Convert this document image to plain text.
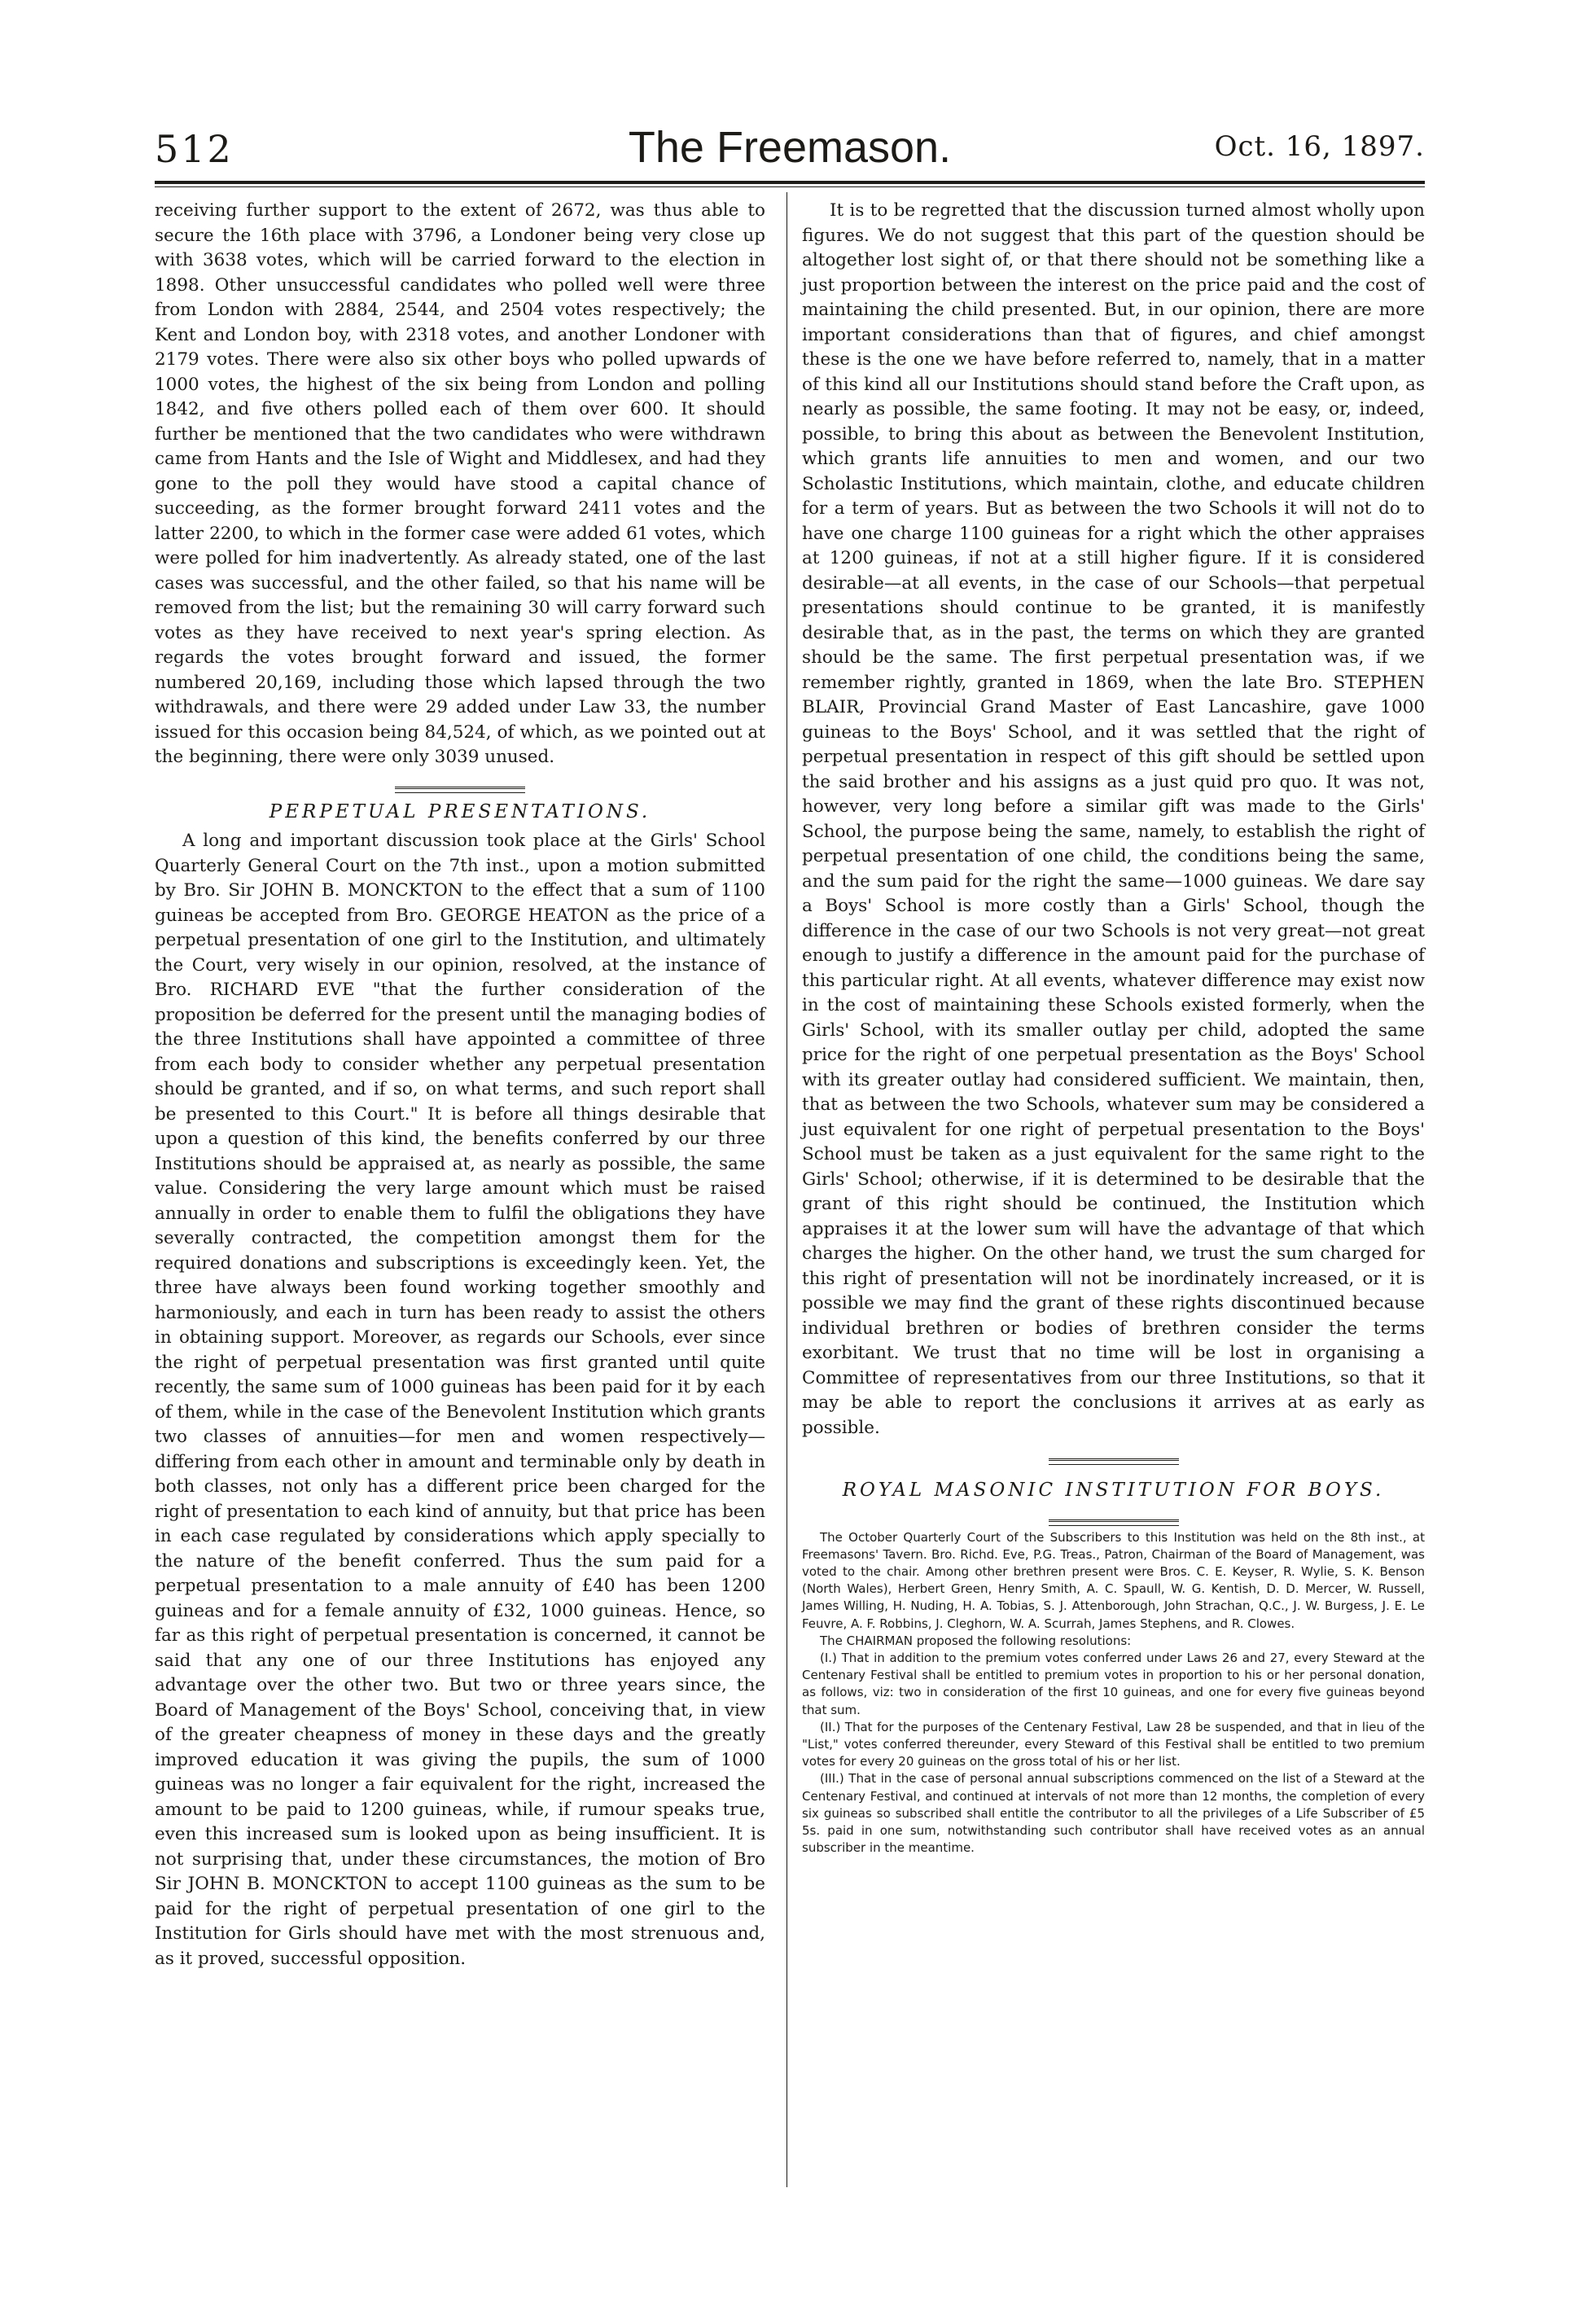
512	The Freemason.	Oct. 16, 1897.

receiving further support to the extent of 2672, was thus able to secure the 16th place with 3796, a Londoner being very close up with 3638 votes, which will be carried forward to the election in 1898. Other unsuccessful candidates who polled well were three from London with 2884, 2544, and 2504 votes respectively; the Kent and London boy, with 2318 votes, and another Londoner with 2179 votes. There were also six other boys who polled upwards of 1000 votes, the highest of the six being from London and polling 1842, and five others polled each of them over 600. It should further be mentioned that the two candidates who were withdrawn came from Hants and the Isle of Wight and Middlesex, and had they gone to the poll they would have stood a capital chance of succeeding, as the former brought forward 2411 votes and the latter 2200, to which in the former case were added 61 votes, which were polled for him inadvertently. As already stated, one of the last cases was successful, and the other failed, so that his name will be removed from the list; but the remaining 30 will carry forward such votes as they have received to next year's spring election. As regards the votes brought forward and issued, the former numbered 20,169, including those which lapsed through the two withdrawals, and there were 29 added under Law 33, the number issued for this occasion being 84,524, of which, as we pointed out at the beginning, there were only 3039 unused.

PERPETUAL PRESENTATIONS.

A long and important discussion took place at the Girls' School Quarterly General Court on the 7th inst., upon a motion submitted by Bro. Sir JOHN B. MONCKTON to the effect that a sum of 1100 guineas be accepted from Bro. GEORGE HEATON as the price of a perpetual presentation of one girl to the Institution, and ultimately the Court, very wisely in our opinion, resolved, at the instance of Bro. RICHARD EVE "that the further consideration of the proposition be deferred for the present until the managing bodies of the three Institutions shall have appointed a committee of three from each body to consider whether any perpetual presentation should be granted, and if so, on what terms, and such report shall be presented to this Court." It is before all things desirable that upon a question of this kind, the benefits conferred by our three Institutions should be appraised at, as nearly as possible, the same value. Considering the very large amount which must be raised annually in order to enable them to fulfil the obligations they have severally contracted, the competition amongst them for the required donations and subscriptions is exceedingly keen. Yet, the three have always been found working together smoothly and harmoniously, and each in turn has been ready to assist the others in obtaining support. Moreover, as regards our Schools, ever since the right of perpetual presentation was first granted until quite recently, the same sum of 1000 guineas has been paid for it by each of them, while in the case of the Benevolent Institution which grants two classes of annuities—for men and women respectively—differing from each other in amount and terminable only by death in both classes, not only has a different price been charged for the right of presentation to each kind of annuity, but that price has been in each case regulated by considerations which apply specially to the nature of the benefit conferred. Thus the sum paid for a perpetual presentation to a male annuity of £40 has been 1200 guineas and for a female annuity of £32, 1000 guineas. Hence, so far as this right of perpetual presentation is concerned, it cannot be said that any one of our three Institutions has enjoyed any advantage over the other two. But two or three years since, the Board of Management of the Boys' School, conceiving that, in view of the greater cheapness of money in these days and the greatly improved education it was giving the pupils, the sum of 1000 guineas was no longer a fair equivalent for the right, increased the amount to be paid to 1200 guineas, while, if rumour speaks true, even this increased sum is looked upon as being insufficient. It is not surprising that, under these circumstances, the motion of Bro Sir JOHN B. MONCKTON to accept 1100 guineas as the sum to be paid for the right of perpetual presentation of one girl to the Institution for Girls should have met with the most strenuous and, as it proved, successful opposition.

It is to be regretted that the discussion turned almost wholly upon figures. We do not suggest that this part of the question should be altogether lost sight of, or that there should not be something like a just proportion between the interest on the price paid and the cost of maintaining the child presented. But, in our opinion, there are more important considerations than that of figures, and chief amongst these is the one we have before referred to, namely, that in a matter of this kind all our Institutions should stand before the Craft upon, as nearly as possible, the same footing. It may not be easy, or, indeed, possible, to bring this about as between the Benevolent Institution, which grants life annuities to men and women, and our two Scholastic Institutions, which maintain, clothe, and educate children for a term of years. But as between the two Schools it will not do to have one charge 1100 guineas for a right which the other appraises at 1200 guineas, if not at a still higher figure. If it is considered desirable—at all events, in the case of our Schools—that perpetual presentations should continue to be granted, it is manifestly desirable that, as in the past, the terms on which they are granted should be the same. The first perpetual presentation was, if we remember rightly, granted in 1869, when the late Bro. STEPHEN BLAIR, Provincial Grand Master of East Lancashire, gave 1000 guineas to the Boys' School, and it was settled that the right of perpetual presentation in respect of this gift should be settled upon the said brother and his assigns as a just quid pro quo. It was not, however, very long before a similar gift was made to the Girls' School, the purpose being the same, namely, to establish the right of perpetual presentation of one child, the conditions being the same, and the sum paid for the right the same—1000 guineas. We dare say a Boys' School is more costly than a Girls' School, though the difference in the case of our two Schools is not very great—not great enough to justify a difference in the amount paid for the purchase of this particular right. At all events, whatever difference may exist now in the cost of maintaining these Schools existed formerly, when the Girls' School, with its smaller outlay per child, adopted the same price for the right of one perpetual presentation as the Boys' School with its greater outlay had considered sufficient. We maintain, then, that as between the two Schools, whatever sum may be considered a just equivalent for one right of perpetual presentation to the Boys' School must be taken as a just equivalent for the same right to the Girls' School; otherwise, if it is determined to be desirable that the grant of this right should be continued, the Institution which appraises it at the lower sum will have the advantage of that which charges the higher. On the other hand, we trust the sum charged for this right of presentation will not be inordinately increased, or it is possible we may find the grant of these rights discontinued because individual brethren or bodies of brethren consider the terms exorbitant. We trust that no time will be lost in organising a Committee of representatives from our three Institutions, so that it may be able to report the conclusions it arrives at as early as possible.

ROYAL MASONIC INSTITUTION FOR BOYS.

The October Quarterly Court of the Subscribers to this Institution was held on the 8th inst., at Freemasons' Tavern. Bro. Richd. Eve, P.G. Treas., Patron, Chairman of the Board of Management, was voted to the chair. Among other brethren present were Bros. C. E. Keyser, R. Wylie, S. K. Benson (North Wales), Herbert Green, Henry Smith, A. C. Spaull, W. G. Kentish, D. D. Mercer, W. Russell, James Willing, H. Nuding, H. A. Tobias, S. J. Attenborough, John Strachan, Q.C., J. W. Burgess, J. E. Le Feuvre, A. F. Robbins, J. Cleghorn, W. A. Scurrah, James Stephens, and R. Clowes.

The CHAIRMAN proposed the following resolutions:

(I.) That in addition to the premium votes conferred under Laws 26 and 27, every Steward at the Centenary Festival shall be entitled to premium votes in proportion to his or her personal donation, as follows, viz: two in consideration of the first 10 guineas, and one for every five guineas beyond that sum.

(II.) That for the purposes of the Centenary Festival, Law 28 be suspended, and that in lieu of the "List," votes conferred thereunder, every Steward of this Festival shall be entitled to two premium votes for every 20 guineas on the gross total of his or her list.

(III.) That in the case of personal annual subscriptions commenced on the list of a Steward at the Centenary Festival, and continued at intervals of not more than 12 months, the completion of every six guineas so subscribed shall entitle the contributor to all the privileges of a Life Subscriber of £5 5s. paid in one sum, notwithstanding such contributor shall have received votes as an annual subscriber in the meantime.
